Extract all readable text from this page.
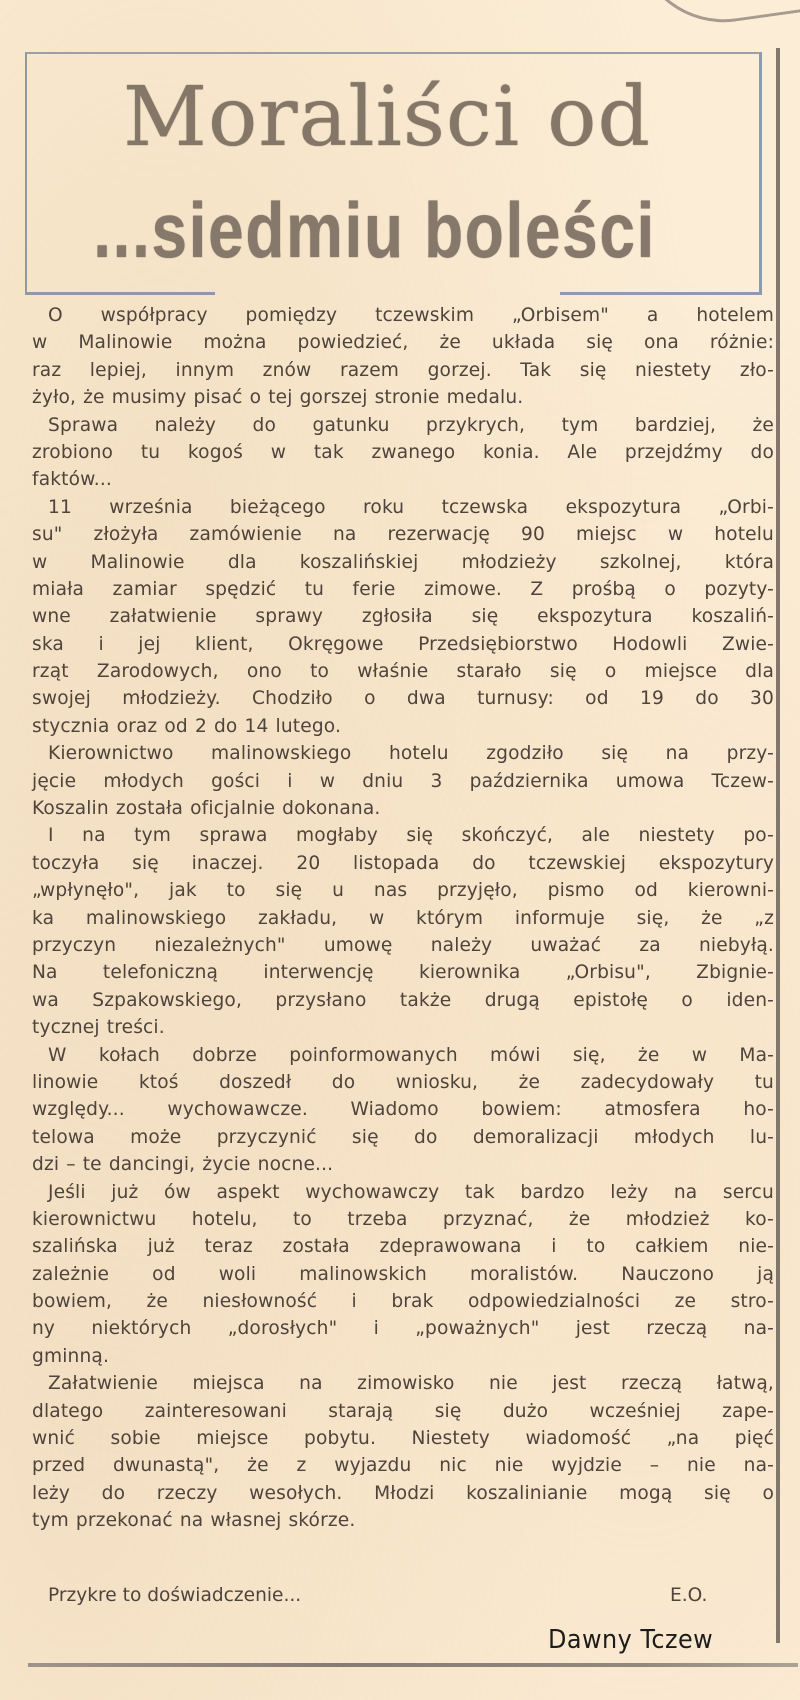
Moraliści od
...siedmiu boleści

O współpracy pomiędzy tczewskim „Orbisem" a hotelem
w Malinowie można powiedzieć, że układa się ona różnie:
raz lepiej, innym znów razem gorzej. Tak się niestety zło-
żyło, że musimy pisać o tej gorszej stronie medalu.

Sprawa należy do gatunku przykrych, tym bardziej, że
zrobiono tu kogoś w tak zwanego konia. Ale przejdźmy do
faktów...

11 września bieżącego roku tczewska ekspozytura „Orbi-
su" złożyła zamówienie na rezerwację 90 miejsc w hotelu
w Malinowie dla koszalińskiej młodzieży szkolnej, która
miała zamiar spędzić tu ferie zimowe. Z prośbą o pozyty-
wne załatwienie sprawy zgłosiła się ekspozytura koszaliń-
ska i jej klient, Okręgowe Przedsiębiorstwo Hodowli Zwie-
rząt Zarodowych, ono to właśnie starało się o miejsce dla
swojej młodzieży. Chodziło o dwa turnusy: od 19 do 30
stycznia oraz od 2 do 14 lutego.

Kierownictwo malinowskiego hotelu zgodziło się na przy-
jęcie młodych gości i w dniu 3 października umowa Tczew-
Koszalin została oficjalnie dokonana.

I na tym sprawa mogłaby się skończyć, ale niestety po-
toczyła się inaczej. 20 listopada do tczewskiej ekspozytury
„wpłynęło", jak to się u nas przyjęło, pismo od kierowni-
ka malinowskiego zakładu, w którym informuje się, że „z
przyczyn niezależnych" umowę należy uważać za niebyłą.
Na telefoniczną interwencję kierownika „Orbisu", Zbignie-
wa Szpakowskiego, przysłano także drugą epistołę o iden-
tycznej treści.

W kołach dobrze poinformowanych mówi się, że w Ma-
linowie ktoś doszedł do wniosku, że zadecydowały tu
względy... wychowawcze. Wiadomo bowiem: atmosfera ho-
telowa może przyczynić się do demoralizacji młodych lu-
dzi – te dancingi, życie nocne...

Jeśli już ów aspekt wychowawczy tak bardzo leży na sercu
kierownictwu hotelu, to trzeba przyznać, że młodzież ko-
szalińska już teraz została zdeprawowana i to całkiem nie-
zależnie od woli malinowskich moralistów. Nauczono ją
bowiem, że niesłowność i brak odpowiedzialności ze stro-
ny niektórych „dorosłych" i „poważnych" jest rzeczą na-
gminną.

Załatwienie miejsca na zimowisko nie jest rzeczą łatwą,
dlatego zainteresowani starają się dużo wcześniej zape-
wnić sobie miejsce pobytu. Niestety wiadomość „na pięć
przed dwunastą", że z wyjazdu nic nie wyjdzie – nie na-
leży do rzeczy wesołych. Młodzi koszalinianie mogą się o
tym przekonać na własnej skórze.

Przykre to doświadczenie...	E.O.
Dawny Tczew
